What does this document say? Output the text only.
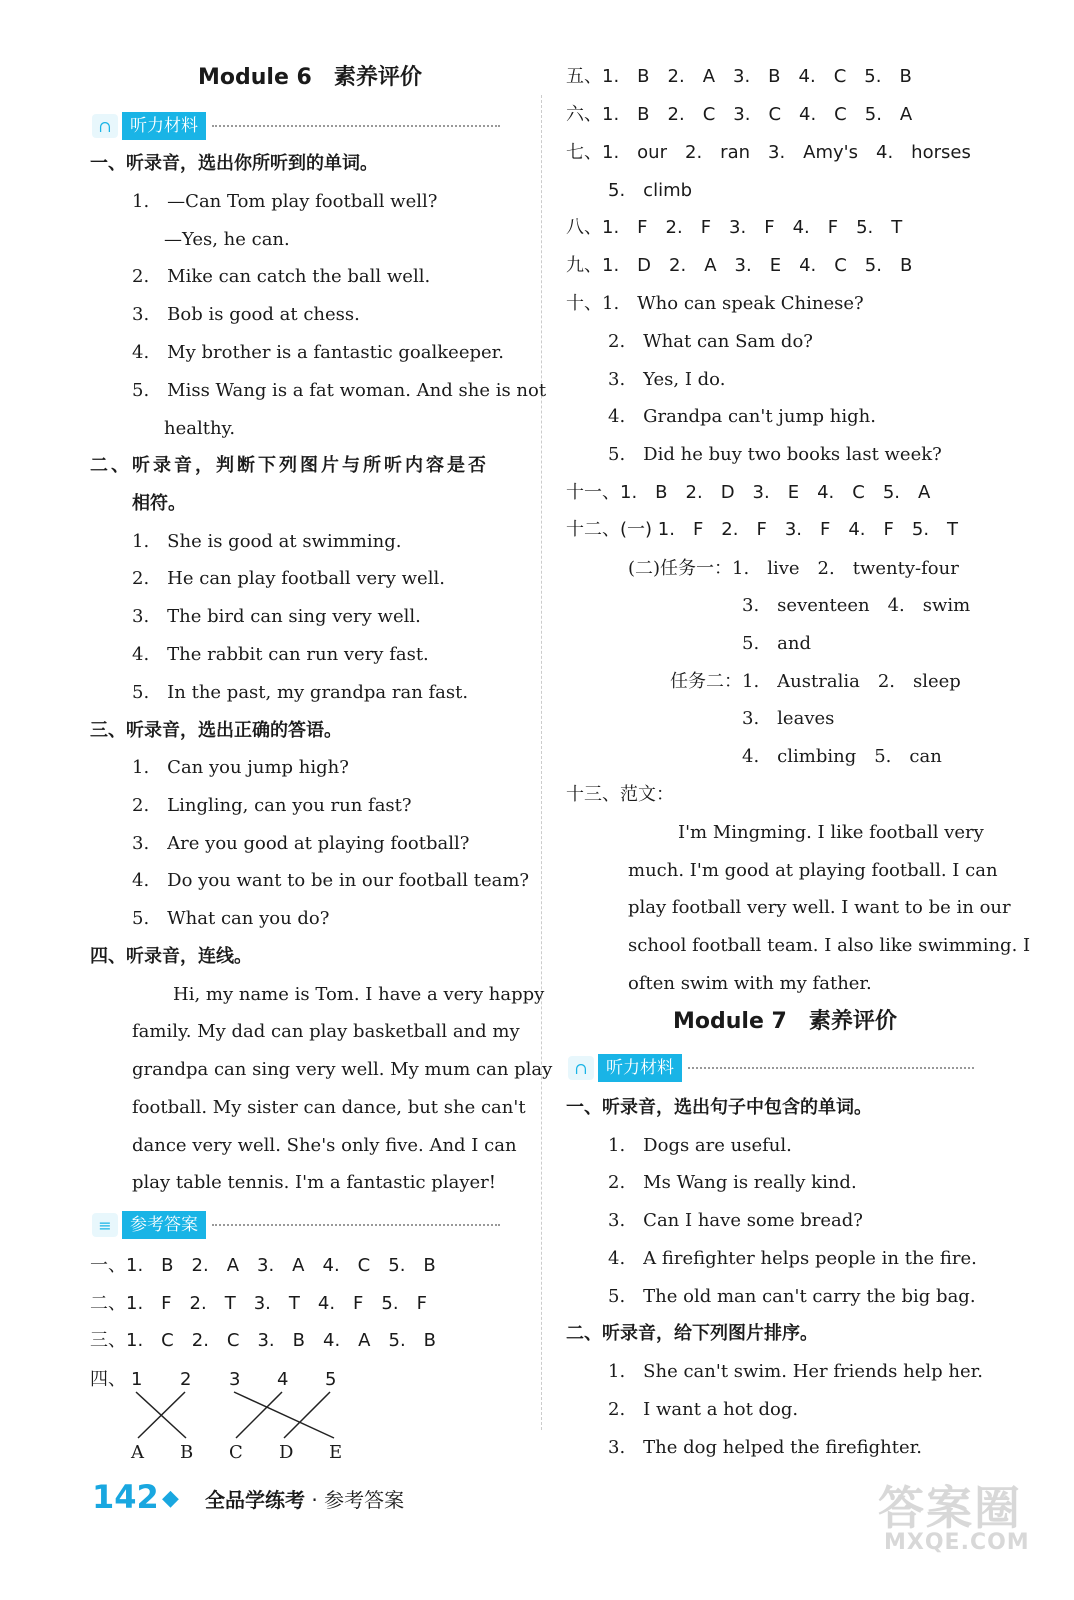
Module 6　素养评价
∩	听力材料
一、听录音，选出你所听到的单词。
1.　—Can Tom play football well?
—Yes, he can.
2.　Mike can catch the ball well.
3.　Bob is good at chess.
4.　My brother is a fantastic goalkeeper.
5.　Miss Wang is a fat woman. And she is not
healthy.
二、听录音，判断下列图片与所听内容是否
相符。
1.　She is good at swimming.
2.　He can play football very well.
3.　The bird can sing very well.
4.　The rabbit can run very fast.
5.　In the past, my grandpa ran fast.
三、听录音，选出正确的答语。
1.　Can you jump high?
2.　Lingling, can you run fast?
3.　Are you good at playing football?
4.　Do you want to be in our football team?
5.　What can you do?
四、听录音，连线。
Hi, my name is Tom. I have a very happy
family. My dad can play basketball and my
grandpa can sing very well. My mum can play
football. My sister can dance, but she can't
dance very well. She's only five. And I can
play table tennis. I'm a fantastic player!
≡	参考答案
一、1.　B　2.　A　3.　A　4.　C　5.　B
二、1.　F　2.　T　3.　T　4.　F　5.　F
三、1.　C　2.　C　3.　B　4.　A　5.　B
四、 1 2 3 4 5
A B C D E
五、1.　B　2.　A　3.　B　4.　C　5.　B
六、1.　B　2.　C　3.　C　4.　C　5.　A
七、1.　our　2.　ran　3.　Amy's　4.　horses
5.　climb
八、1.　F　2.　F　3.　F　4.　F　5.　T
九、1.　D　2.　A　3.　E　4.　C　5.　B
十、1.　Who can speak Chinese?
2.　What can Sam do?
3.　Yes, I do.
4.　Grandpa can't jump high.
5.　Did he buy two books last week?
十一、1.　B　2.　D　3.　E　4.　C　5.　A
十二、(一) 1.　F　2.　F　3.　F　4.　F　5.　T
(二)任务一：1.　live　2.　twenty-four
3.　seventeen　4.　swim
5.　and
任务二：1.　Australia　2.　sleep
3.　leaves
4.　climbing　5.　can
十三、范文：
I'm Mingming. I like football very
much. I'm good at playing football. I can
play football very well. I want to be in our
school football team. I also like swimming. I
often swim with my father.
Module 7　素养评价
∩	听力材料
一、听录音，选出句子中包含的单词。
1.　Dogs are useful.
2.　Ms Wang is really kind.
3.　Can I have some bread?
4.　A firefighter helps people in the fire.
5.　The old man can't carry the big bag.
二、听录音，给下列图片排序。
1.　She can't swim. Her friends help her.
2.　I want a hot dog.
3.　The dog helped the firefighter.
142 ◆ 全品学练考 · 参考答案	答案圈
MXQE.COM
